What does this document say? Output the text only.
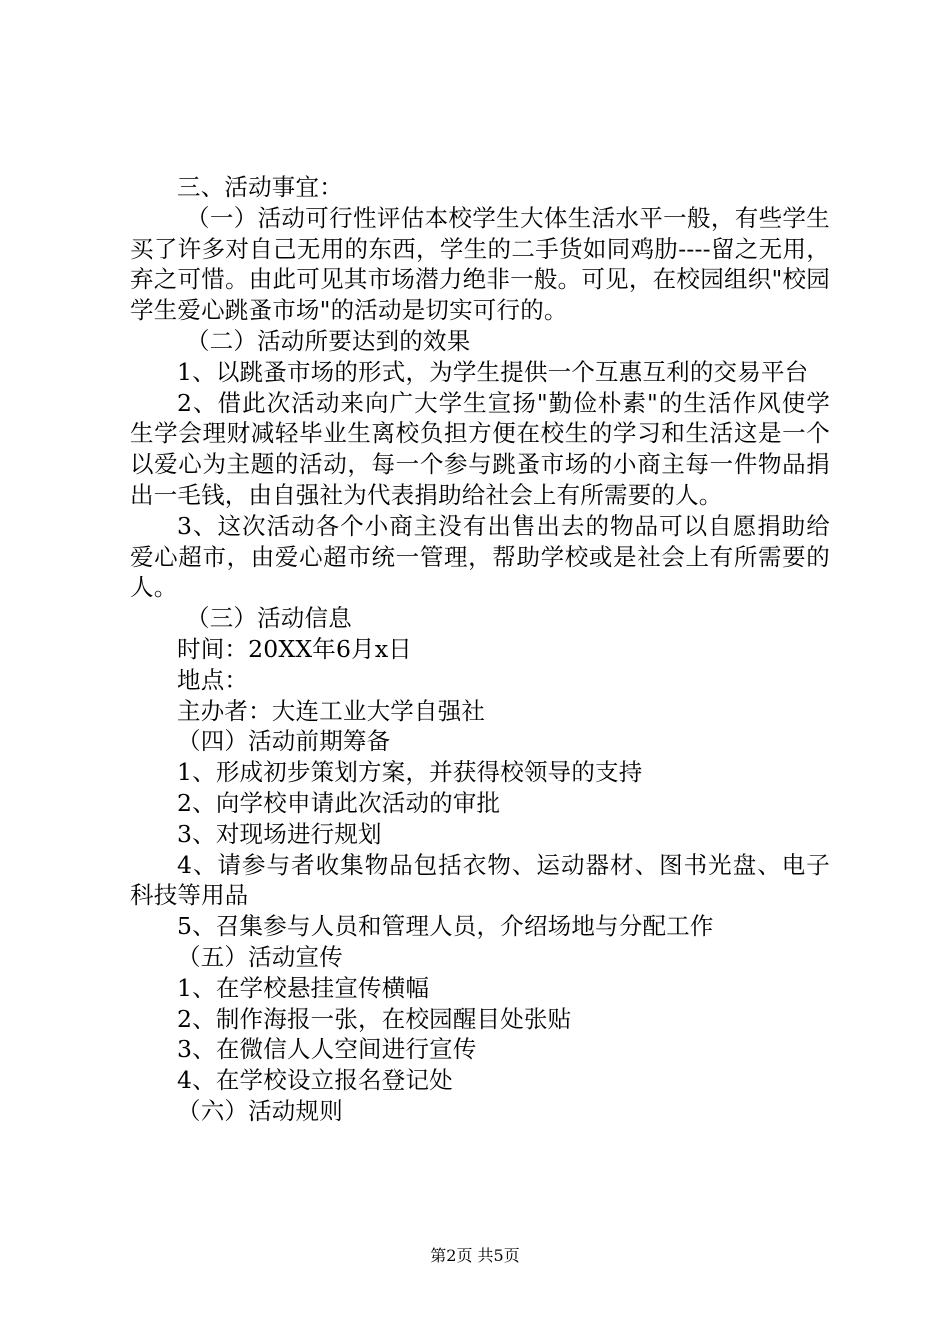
三、活动事宜：

（一）活动可行性评估本校学生大体生活水平一般，有些学生买了许多对自己无用的东西，学生的二手货如同鸡肋----留之无用，弃之可惜。由此可见其市场潜力绝非一般。可见，在校园组织"校园学生爱心跳蚤市场"的活动是切实可行的。

（二）活动所要达到的效果

1、以跳蚤市场的形式，为学生提供一个互惠互利的交易平台

2、借此次活动来向广大学生宣扬"勤俭朴素"的生活作风使学生学会理财减轻毕业生离校负担方便在校生的学习和生活这是一个以爱心为主题的活动，每一个参与跳蚤市场的小商主每一件物品捐出一毛钱，由自强社为代表捐助给社会上有所需要的人。

3、这次活动各个小商主没有出售出去的物品可以自愿捐助给爱心超市，由爱心超市统一管理，帮助学校或是社会上有所需要的人。

（三）活动信息

时间：20XX年6月x日

地点：

主办者：大连工业大学自强社

（四）活动前期筹备

1、形成初步策划方案，并获得校领导的支持

2、向学校申请此次活动的审批

3、对现场进行规划

4、请参与者收集物品包括衣物、运动器材、图书光盘、电子科技等用品

5、召集参与人员和管理人员，介绍场地与分配工作

（五）活动宣传

1、在学校悬挂宣传横幅

2、制作海报一张，在校园醒目处张贴

3、在微信人人空间进行宣传

4、在学校设立报名登记处

（六）活动规则

第2页 共5页
